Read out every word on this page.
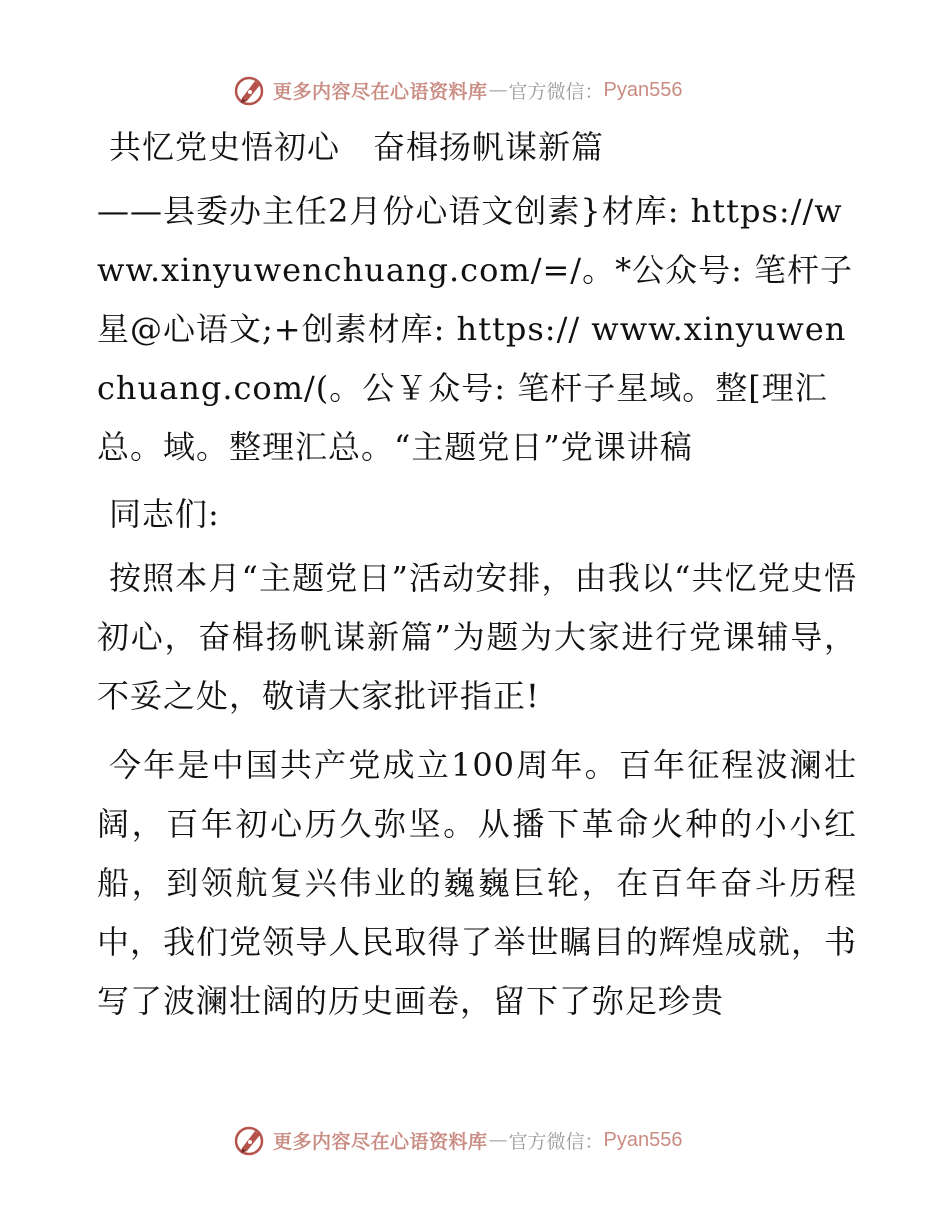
更多内容尽在心语资料库 — 官方微信： Pyan556
共忆党史悟初心　奋楫扬帆谋新篇

——县委办主任2月份心语文创素}材库: https://www.xinyuwenchuang.com/=/。*公众号: 笔杆子星@心语文;+创素材库: https:// www.xinyuwenchuang.com/(。公￥众号: 笔杆子星域。整[理汇总。域。整理汇总。“主题党日”党课讲稿

同志们:

按照本月“主题党日”活动安排，由我以“共忆党史悟初心，奋楫扬帆谋新篇”为题为大家进行党课辅导，不妥之处，敬请大家批评指正!

今年是中国共产党成立100周年。百年征程波澜壮阔，百年初心历久弥坚。从播下革命火种的小小红船，到领航复兴伟业的巍巍巨轮，在百年奋斗历程中，我们党领导人民取得了举世瞩目的辉煌成就，书写了波澜壮阔的历史画卷，留下了弥足珍贵

更多内容尽在心语资料库 — 官方微信： Pyan556
